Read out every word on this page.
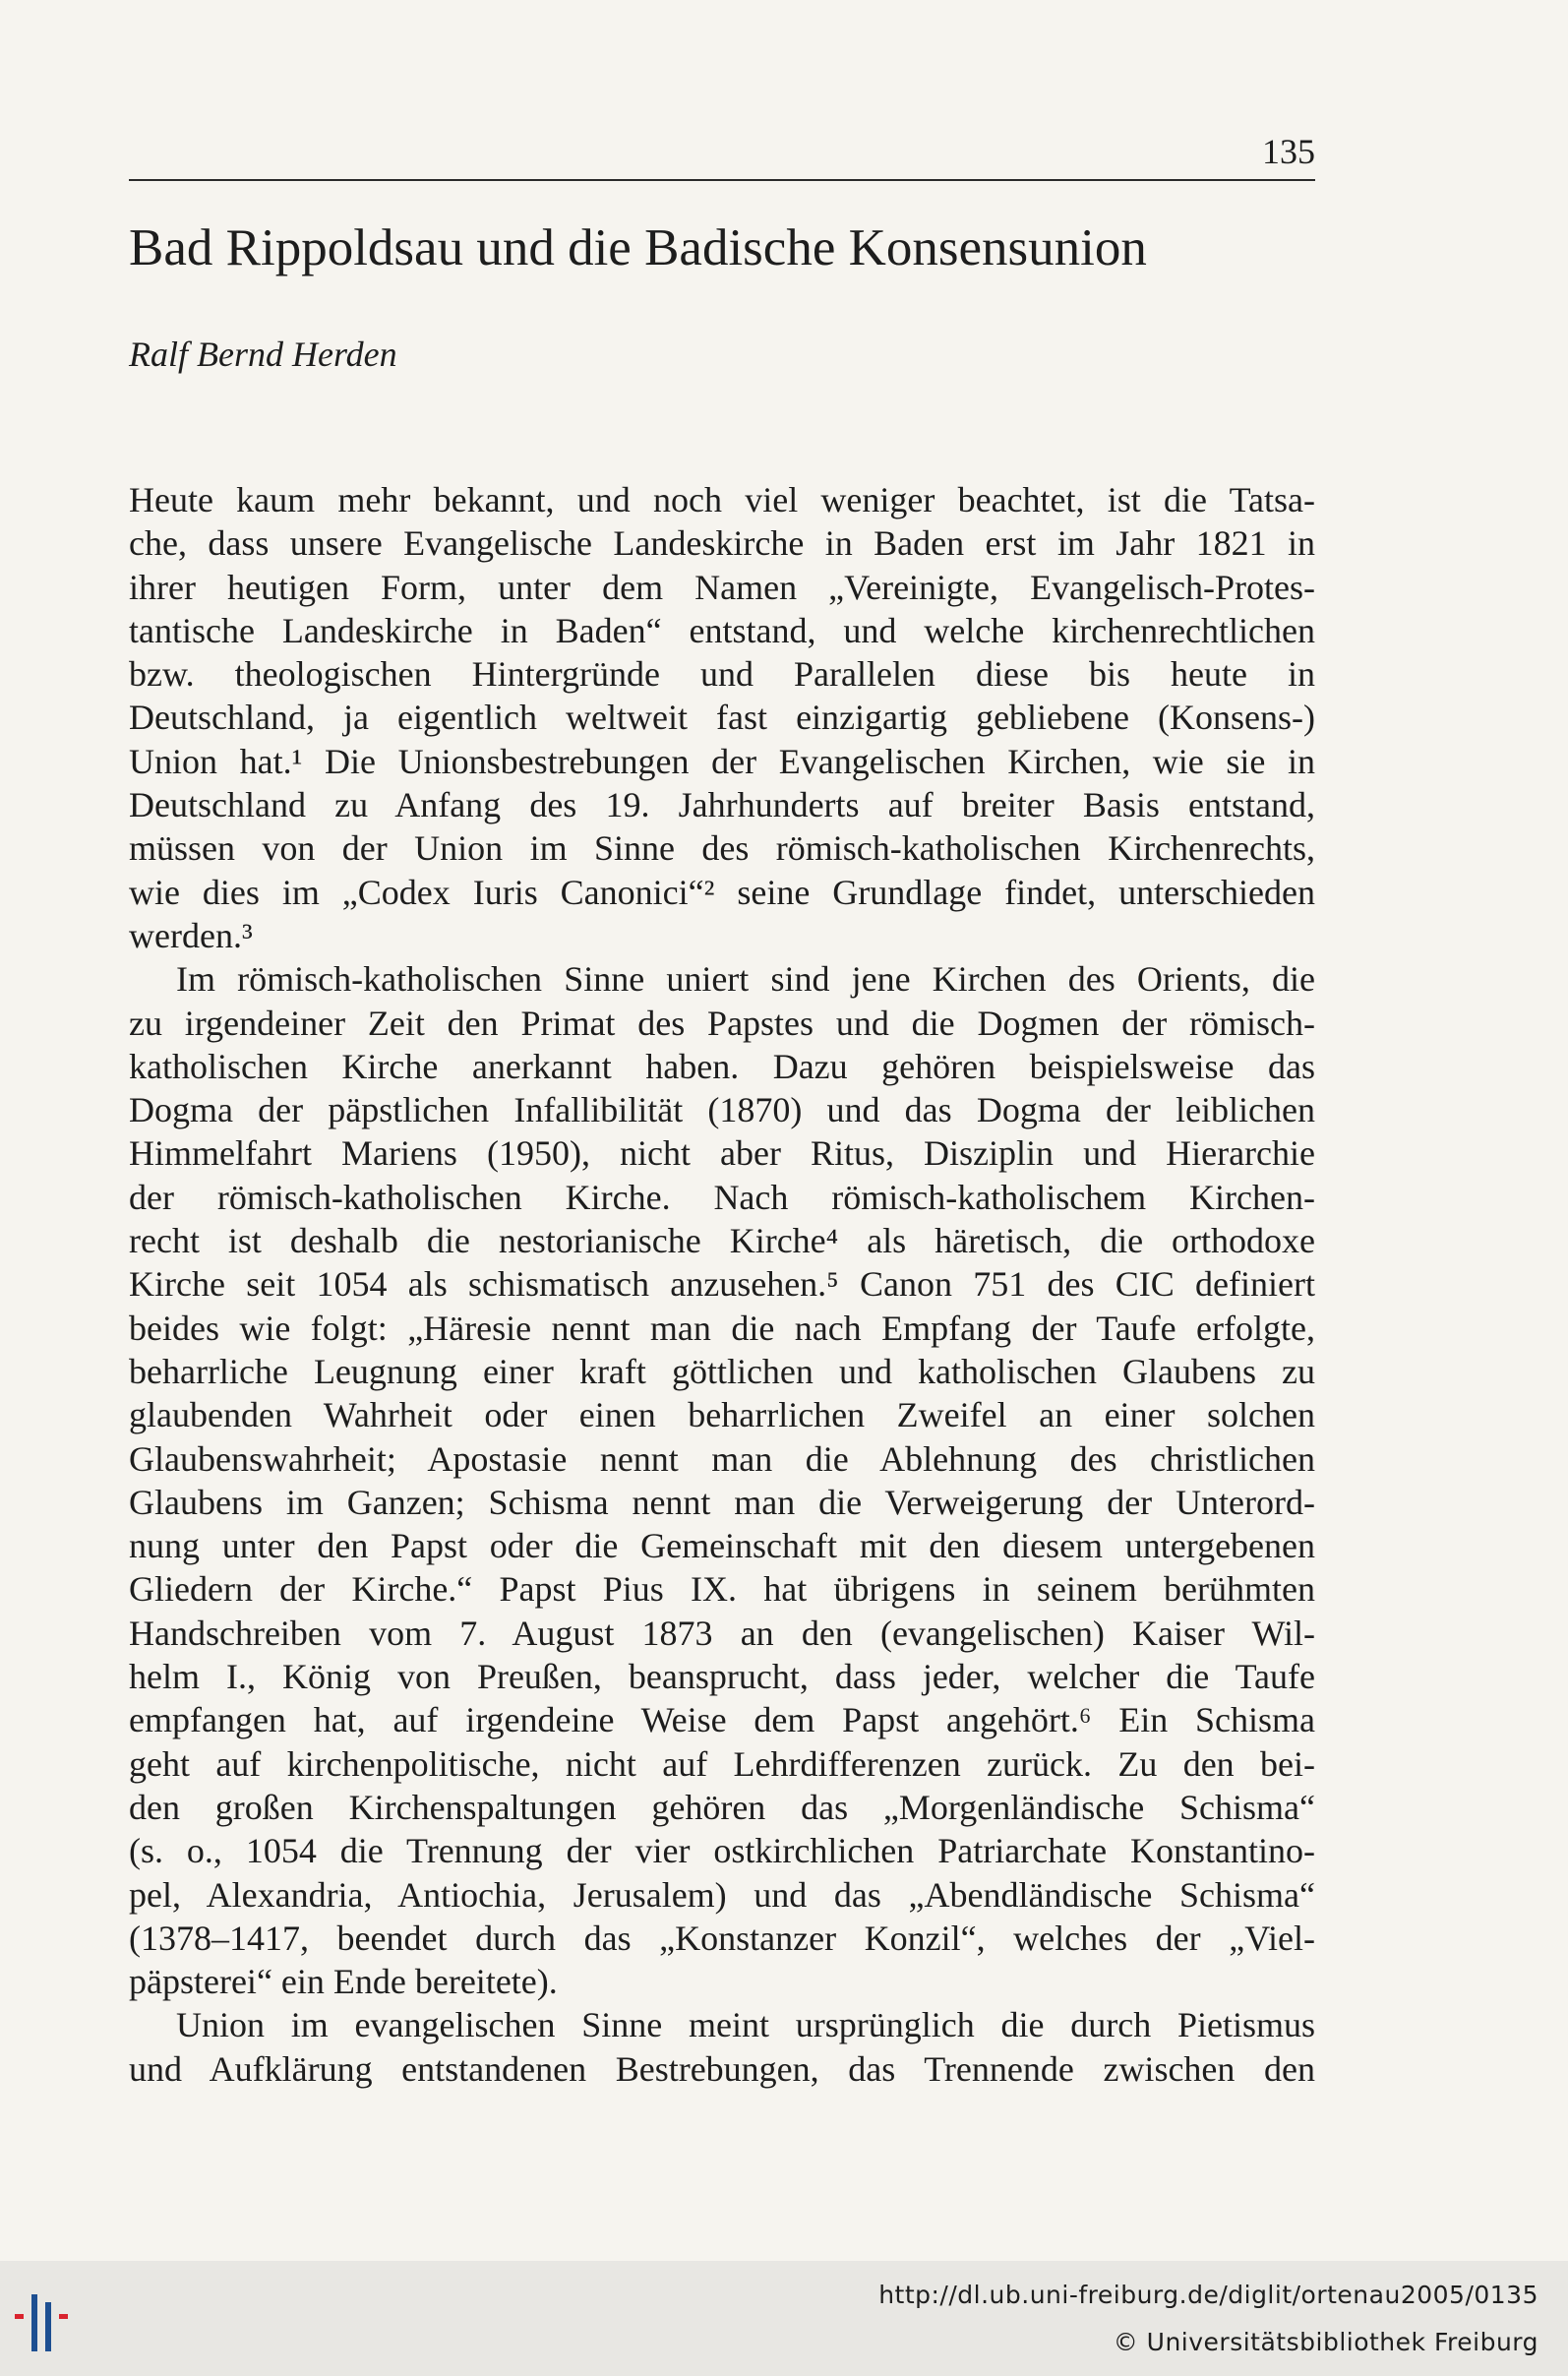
135
Bad Rippoldsau und die Badische Konsensunion

Ralf Bernd Herden

Heute kaum mehr bekannt, und noch viel weniger beachtet, ist die Tatsa-
che, dass unsere Evangelische Landeskirche in Baden erst im Jahr 1821 in
ihrer heutigen Form, unter dem Namen „Vereinigte, Evangelisch-Protes-
tantische Landeskirche in Baden“ entstand, und welche kirchenrechtlichen
bzw. theologischen Hintergründe und Parallelen diese bis heute in
Deutschland, ja eigentlich weltweit fast einzigartig gebliebene (Konsens-)
Union hat.¹ Die Unionsbestrebungen der Evangelischen Kirchen, wie sie in
Deutschland zu Anfang des 19. Jahrhunderts auf breiter Basis entstand,
müssen von der Union im Sinne des römisch-katholischen Kirchenrechts,
wie dies im „Codex Iuris Canonici“² seine Grundlage findet, unterschieden
werden.³
Im römisch-katholischen Sinne uniert sind jene Kirchen des Orients, die
zu irgendeiner Zeit den Primat des Papstes und die Dogmen der römisch-
katholischen Kirche anerkannt haben. Dazu gehören beispielsweise das
Dogma der päpstlichen Infallibilität (1870) und das Dogma der leiblichen
Himmelfahrt Mariens (1950), nicht aber Ritus, Disziplin und Hierarchie
der römisch-katholischen Kirche. Nach römisch-katholischem Kirchen-
recht ist deshalb die nestorianische Kirche⁴ als häretisch, die orthodoxe
Kirche seit 1054 als schismatisch anzusehen.⁵ Canon 751 des CIC definiert
beides wie folgt: „Häresie nennt man die nach Empfang der Taufe erfolgte,
beharrliche Leugnung einer kraft göttlichen und katholischen Glaubens zu
glaubenden Wahrheit oder einen beharrlichen Zweifel an einer solchen
Glaubenswahrheit; Apostasie nennt man die Ablehnung des christlichen
Glaubens im Ganzen; Schisma nennt man die Verweigerung der Unterord-
nung unter den Papst oder die Gemeinschaft mit den diesem untergebenen
Gliedern der Kirche.“ Papst Pius IX. hat übrigens in seinem berühmten
Handschreiben vom 7. August 1873 an den (evangelischen) Kaiser Wil-
helm I., König von Preußen, beansprucht, dass jeder, welcher die Taufe
empfangen hat, auf irgendeine Weise dem Papst angehört.⁶ Ein Schisma
geht auf kirchenpolitische, nicht auf Lehrdifferenzen zurück. Zu den bei-
den großen Kirchenspaltungen gehören das „Morgenländische Schisma“
(s. o., 1054 die Trennung der vier ostkirchlichen Patriarchate Konstantino-
pel, Alexandria, Antiochia, Jerusalem) und das „Abendländische Schisma“
(1378–1417, beendet durch das „Konstanzer Konzil“, welches der „Viel-
päpsterei“ ein Ende bereitete).
Union im evangelischen Sinne meint ursprünglich die durch Pietismus
und Aufklärung entstandenen Bestrebungen, das Trennende zwischen den
http://dl.ub.uni-freiburg.de/diglit/ortenau2005/0135
© Universitätsbibliothek Freiburg
